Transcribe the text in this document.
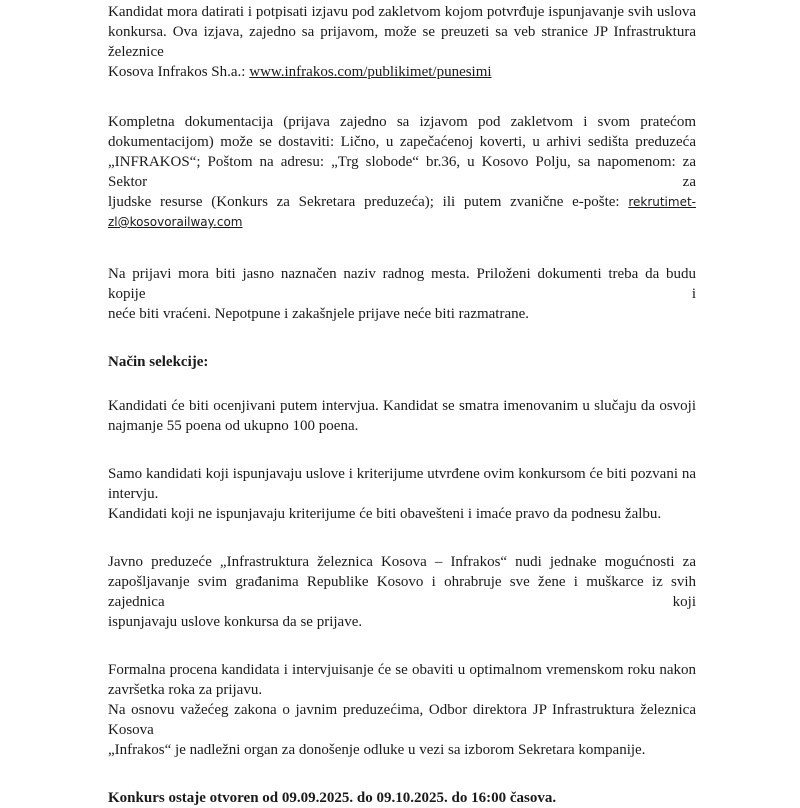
Kandidat mora datirati i potpisati izjavu pod zakletvom kojom potvrđuje ispunjavanje svih uslova
konkursa. Ova izjava, zajedno sa prijavom, može se preuzeti sa veb stranice JP Infrastruktura železnice
Kosova Infrakos Sh.a.: www.infrakos.com/publikimet/punesimi

Kompletna dokumentacija (prijava zajedno sa izjavom pod zakletvom i svom pratećom
dokumentacijom) može se dostaviti: Lično, u zapečaćenoj koverti, u arhivi sedišta preduzeća
„INFRAKOS“; Poštom na adresu: „Trg slobode“ br.36, u Kosovo Polju, sa napomenom: za Sektor za
ljudske resurse (Konkurs za Sekretara preduzeća); ili putem zvanične e-pošte: rekrutimet-
zl@kosovorailway.com

Na prijavi mora biti jasno naznačen naziv radnog mesta. Priloženi dokumenti treba da budu kopije i
neće biti vraćeni. Nepotpune i zakašnjele prijave neće biti razmatrane.

Način selekcije:

Kandidati će biti ocenjivani putem intervjua. Kandidat se smatra imenovanim u slučaju da osvoji
najmanje 55 poena od ukupno 100 poena.

Samo kandidati koji ispunjavaju uslove i kriterijume utvrđene ovim konkursom će biti pozvani na
intervju.
Kandidati koji ne ispunjavaju kriterijume će biti obavešteni i imaće pravo da podnesu žalbu.

Javno preduzeće „Infrastruktura železnica Kosova – Infrakos“ nudi jednake mogućnosti za
zapošljavanje svim građanima Republike Kosovo i ohrabruje sve žene i muškarce iz svih zajednica koji
ispunjavaju uslove konkursa da se prijave.

Formalna procena kandidata i intervjuisanje će se obaviti u optimalnom vremenskom roku nakon
završetka roka za prijavu.
Na osnovu važećeg zakona o javnim preduzećima, Odbor direktora JP Infrastruktura železnica Kosova
„Infrakos“ je nadležni organ za donošenje odluke u vezi sa izborom Sekretara kompanije.

Konkurs ostaje otvoren od 09.09.2025. do 09.10.2025. do 16:00 časova.
